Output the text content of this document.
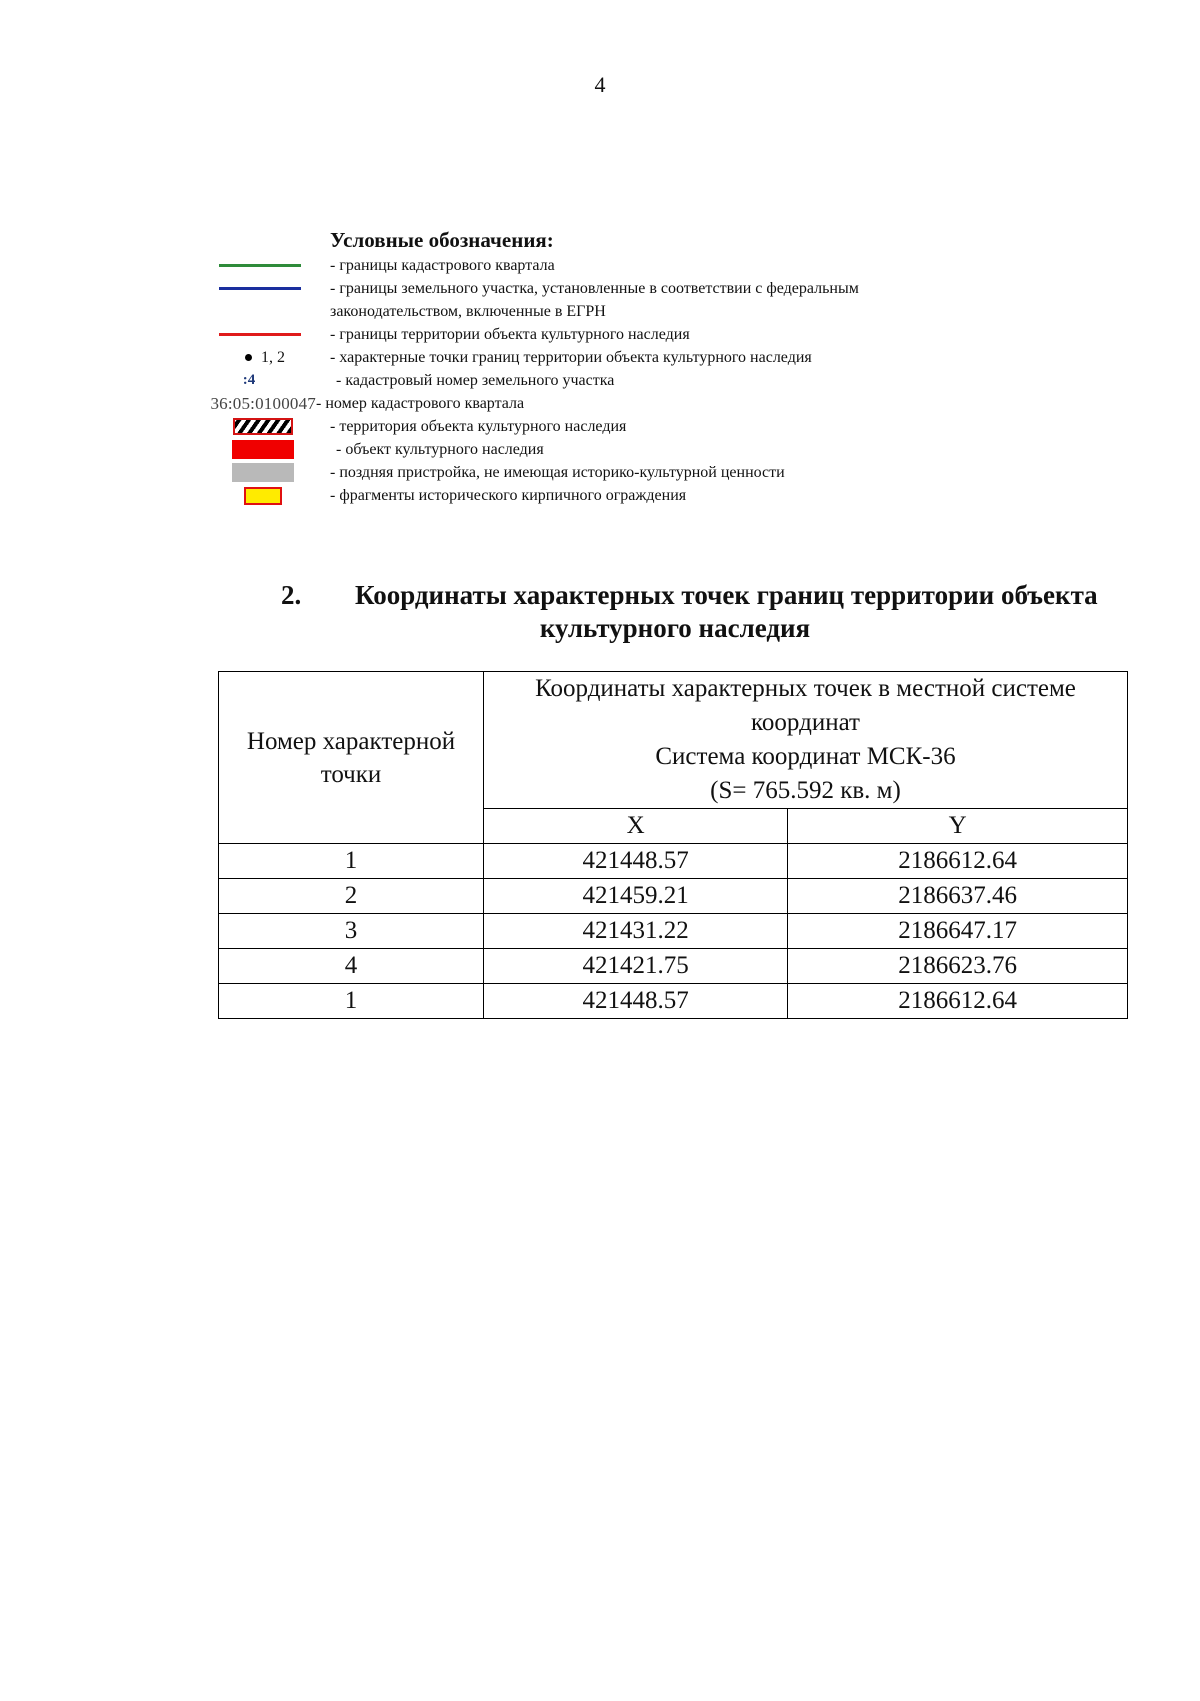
4
Условные обозначения:
- границы кадастрового квартала
- границы земельного участка, установленные в соответствии с федеральным
законодательством, включенные в ЕГРН
- границы территории объекта культурного наследия
1, 2	- характерные точки границ территории объекта культурного наследия
:4	- кадастровый номер земельного участка
36:05:0100047 - номер кадастрового квартала
- территория объекта культурного наследия
- объект культурного наследия
- поздняя пристройка, не имеющая историко-культурной ценности
- фрагменты исторического кирпичного ограждения
2. Координаты характерных точек границ территории объекта
культурного наследия
Номер характерной точки	Координаты характерных точек в местной системе координат
Система координат МСК-36
(S= 765.592 кв. м)	

	X	Y
1	421448.57	2186612.64
2	421459.21	2186637.46
3	421431.22	2186647.17
4	421421.75	2186623.76
1	421448.57	2186612.64
